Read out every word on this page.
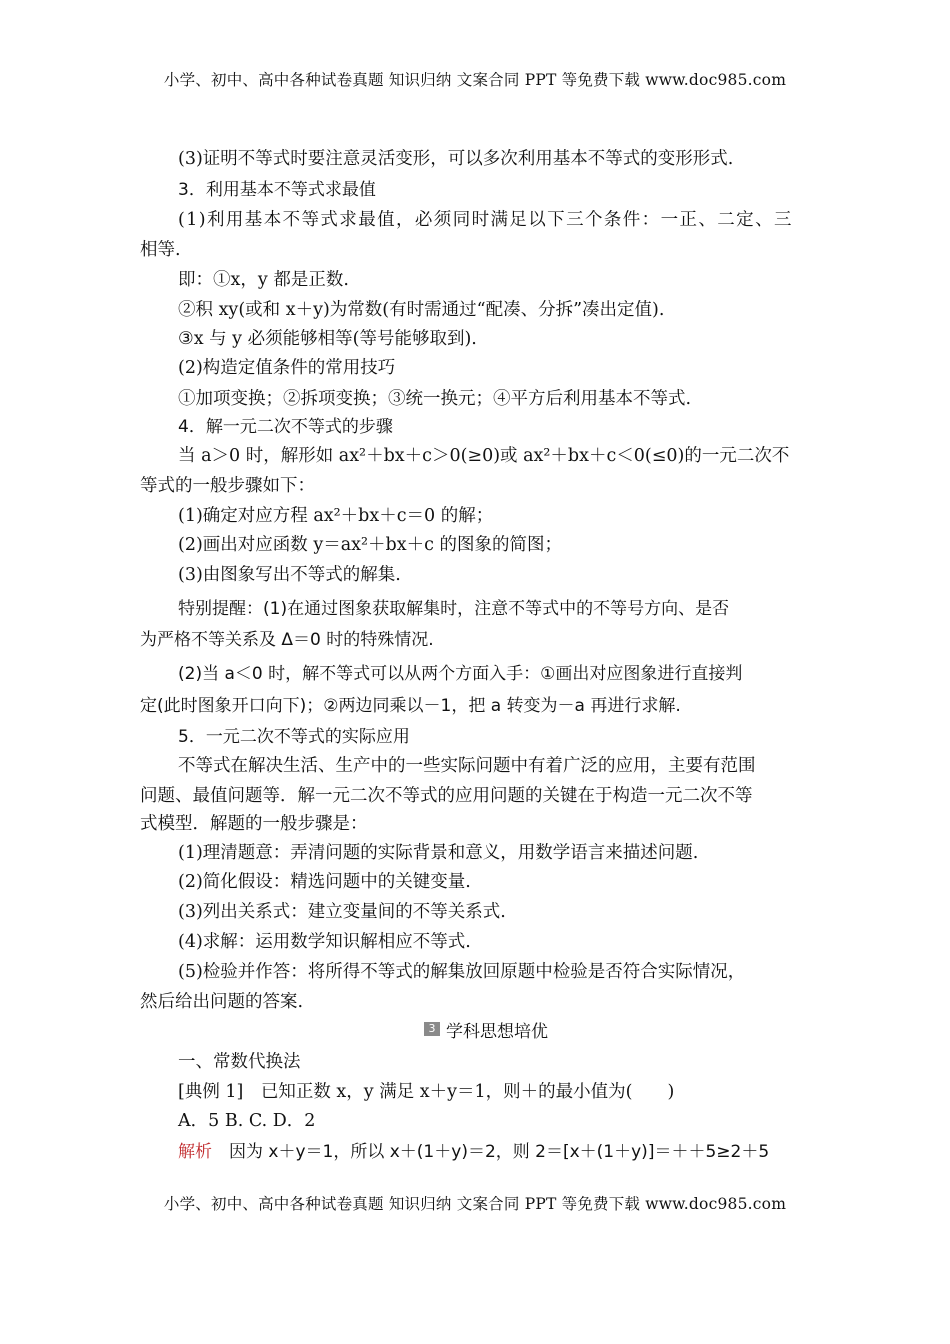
小学、初中、高中各种试卷真题 知识归纳 文案合同 PPT 等免费下载 www.doc985.com
(3)证明不等式时要注意灵活变形，可以多次利用基本不等式的变形形式.
3．利用基本不等式求最值
(1)利用基本不等式求最值，必须同时满足以下三个条件：一正、二定、三
相等.
即：①x，y 都是正数.
②积 xy(或和 x＋y)为常数(有时需通过“配凑、分拆”凑出定值).
③x 与 y 必须能够相等(等号能够取到).
(2)构造定值条件的常用技巧
①加项变换；②拆项变换；③统一换元；④平方后利用基本不等式.
4．解一元二次不等式的步骤
当 a＞0 时，解形如 ax²＋bx＋c＞0(≥0)或 ax²＋bx＋c＜0(≤0)的一元二次不
等式的一般步骤如下：
(1)确定对应方程 ax²＋bx＋c＝0 的解；
(2)画出对应函数 y＝ax²＋bx＋c 的图象的简图；
(3)由图象写出不等式的解集.
特别提醒：(1)在通过图象获取解集时，注意不等式中的不等号方向、是否
为严格不等关系及 Δ＝0 时的特殊情况.
(2)当 a＜0 时，解不等式可以从两个方面入手：①画出对应图象进行直接判
定(此时图象开口向下)；②两边同乘以－1，把 a 转变为－a 再进行求解.
5．一元二次不等式的实际应用
不等式在解决生活、生产中的一些实际问题中有着广泛的应用，主要有范围
问题、最值问题等．解一元二次不等式的应用问题的关键在于构造一元二次不等
式模型．解题的一般步骤是：
(1)理清题意：弄清问题的实际背景和意义，用数学语言来描述问题.
(2)简化假设：精选问题中的关键变量.
(3)列出关系式：建立变量间的不等关系式.
(4)求解：运用数学知识解相应不等式.
(5)检验并作答：将所得不等式的解集放回原题中检验是否符合实际情况，
然后给出问题的答案.
3 学科思想培优
一、常数代换法
[典例 1]　已知正数 x，y 满足 x＋y＝1，则＋的最小值为(　　)
A．5 B. C. D．2
解析　因为 x＋y＝1，所以 x＋(1＋y)＝2，则 2＝[x＋(1＋y)]＝＋＋5≥2＋5
小学、初中、高中各种试卷真题 知识归纳 文案合同 PPT 等免费下载 www.doc985.com
